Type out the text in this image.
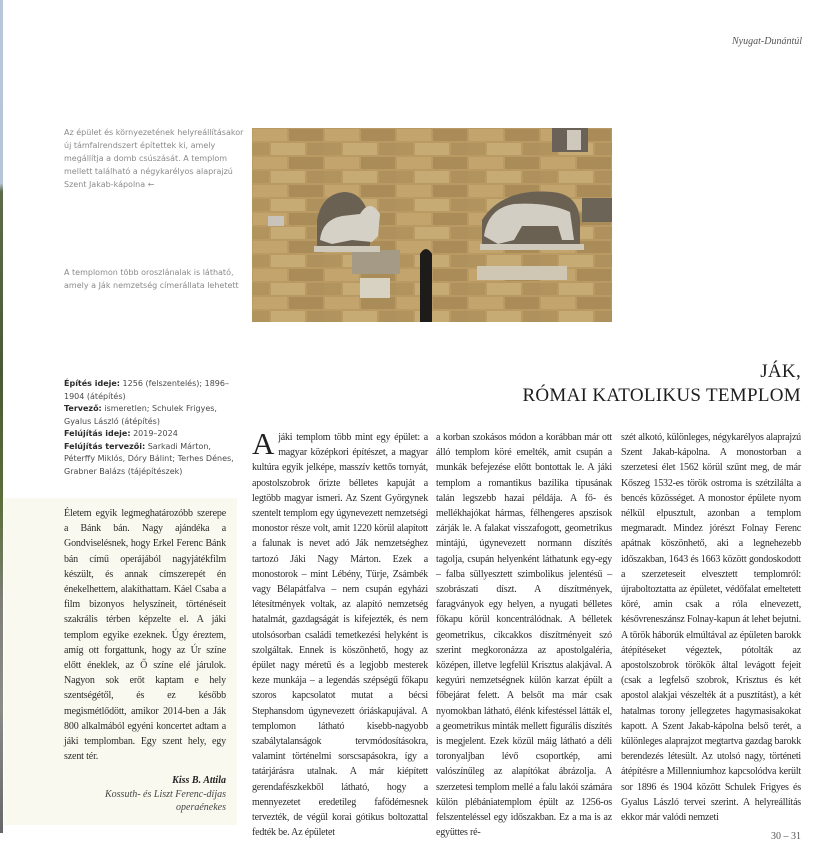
Nyugat-Dunántúl
Az épület és környezetének helyreállításakor új támfalrendszert építettek ki, amely megállítja a domb csúszását. A templom mellett található a négykarélyos alaprajzú Szent Jakab-kápolna ←
A templomon több oroszlánalak is látható, amely a Ják nemzetség címerállata lehetett
Építés ideje: 1256 (felszentelés); 1896–1904 (átépítés)
Tervező: ismeretlen; Schulek Frigyes, Gyalus László (átépítés)
Felújítás ideje: 2019–2024
Felújítás tervezői: Sarkadi Márton, Péterffy Miklós, Dóry Bálint; Terhes Dénes, Grabner Balázs (tájépítészek)
Életem egyik legmeghatározóbb szerepe a Bánk bán. Nagy ajándéka a Gondviselésnek, hogy Erkel Ferenc Bánk bán című operájából nagyjátékfilm készült, és annak címszerepét én énekelhettem, alakíthattam. Káel Csaba a film bizonyos helyszíneit, történéseit szakrális térben képzelte el. A jáki templom egyike ezeknek. Úgy éreztem, amíg ott forgattunk, hogy az Úr színe előtt éneklek, az Ő színe elé járulok. Nagyon sok erőt kaptam e hely szentségétől, és ez később megismétlődött, amikor 2014-ben a Ják 800 alkalmából egyéni koncertet adtam a jáki templomban. Egy szent hely, egy szent tér.
Kiss B. Attila
Kossuth- és Liszt Ferenc-díjas
operaénekes
JÁK,
RÓMAI KATOLIKUS TEMPLOM
A jáki templom több mint egy épület: a magyar középkori építészet, a magyar kultúra egyik jelképe, masszív kettős tornyát, apostolszobrok őrizte bélletes kapuját a legtöbb magyar ismeri. Az Szent Györgynek szentelt templom egy úgynevezett nemzetségi monostor része volt, amit 1220 körül alapított a falunak is nevet adó Ják nemzetséghez tartozó Jáki Nagy Márton. Ezek a monostorok – mint Lébény, Türje, Zsámbék vagy Bélapátfalva – nem csupán egyházi létesítmények voltak, az alapító nemzetség hatalmát, gazdagságát is kifejezték, és nem utolsósorban családi temetkezési helyként is szolgáltak. Ennek is köszönhető, hogy az épület nagy méretű és a legjobb mesterek keze munkája – a legendás szépségű főkapu szoros kapcsolatot mutat a bécsi Stephansdom úgynevezett óriáskapujával. A templomon látható kisebb-nagyobb szabálytalanságok tervmódosításokra, valamint történelmi sorscsapásokra, így a tatárjárásra utalnak. A már kiépített gerendafészkekből látható, hogy a mennyezetet eredetileg fafödémesnek tervezték, de végül korai gótikus boltozattal fedték be. Az épületet
a korban szokásos módon a korábban már ott álló templom köré emelték, amit csupán a munkák befejezése előtt bontottak le. A jáki templom a romantikus bazilika típusának talán legszebb hazai példája. A fő- és mellékhajókat hármas, félhengeres apszisok zárják le. A falakat visszafogott, geometrikus mintájú, úgynevezett normann díszítés tagolja, csupán helyenként láthatunk egy-egy – falba süllyesztett szimbolikus jelentésű – szobrászati díszt. A díszítmények, faragványok egy helyen, a nyugati bélletes főkapu körül koncentrálódnak. A bélletek geometrikus, cikcakkos díszítményeit szó szerint megkoronázza az apostolgaléria, középen, illetve legfelül Krisztus alakjával. A kegyúri nemzetségnek külön karzat épült a főbejárat felett. A belsőt ma már csak nyomokban látható, élénk kifestéssel látták el, a geometrikus minták mellett figurális díszítés is megjelent. Ezek közül máig látható a déli toronyaljban lévő csoportkép, ami valószínűleg az alapítókat ábrázolja. A szerzetesi templom mellé a falu lakói számára külön plébániatemplom épült az 1256-os felszenteléssel egy időszakban. Ez a ma is az együttes ré-
szét alkotó, különleges, négykarélyos alaprajzú Szent Jakab-kápolna. A monostorban a szerzetesi élet 1562 körül szűnt meg, de már Kőszeg 1532-es török ostroma is szétzilálta a bencés közösséget. A monostor épülete nyom nélkül elpusztult, azonban a templom megmaradt. Mindez jórészt Folnay Ferenc apátnak köszönhető, aki a legnehezebb időszakban, 1643 és 1663 között gondoskodott a szerzeteseit elvesztett templomról: újraboltoztatta az épületet, védőfalat emeltetett köré, amin csak a róla elnevezett, késővreneszánsz Folnay-kapun át lehet bejutni. A török háborúk elmúltával az épületen barokk átépítéseket végeztek, pótolták az apostolszobrok törökök által levágott fejeit (csak a legfelső szobrok, Krisztus és két apostol alakjai vészelték át a pusztítást), a két hatalmas torony jellegzetes hagymasisakokat kapott. A Szent Jakab-kápolna belső terét, a különleges alaprajzot megtartva gazdag barokk berendezés létesült. Az utolsó nagy, történeti átépítésre a Millenniumhoz kapcsolódva került sor 1896 és 1904 között Schulek Frigyes és Gyalus László tervei szerint. A helyreállítás ekkor már valódi nemzeti
30 – 31
